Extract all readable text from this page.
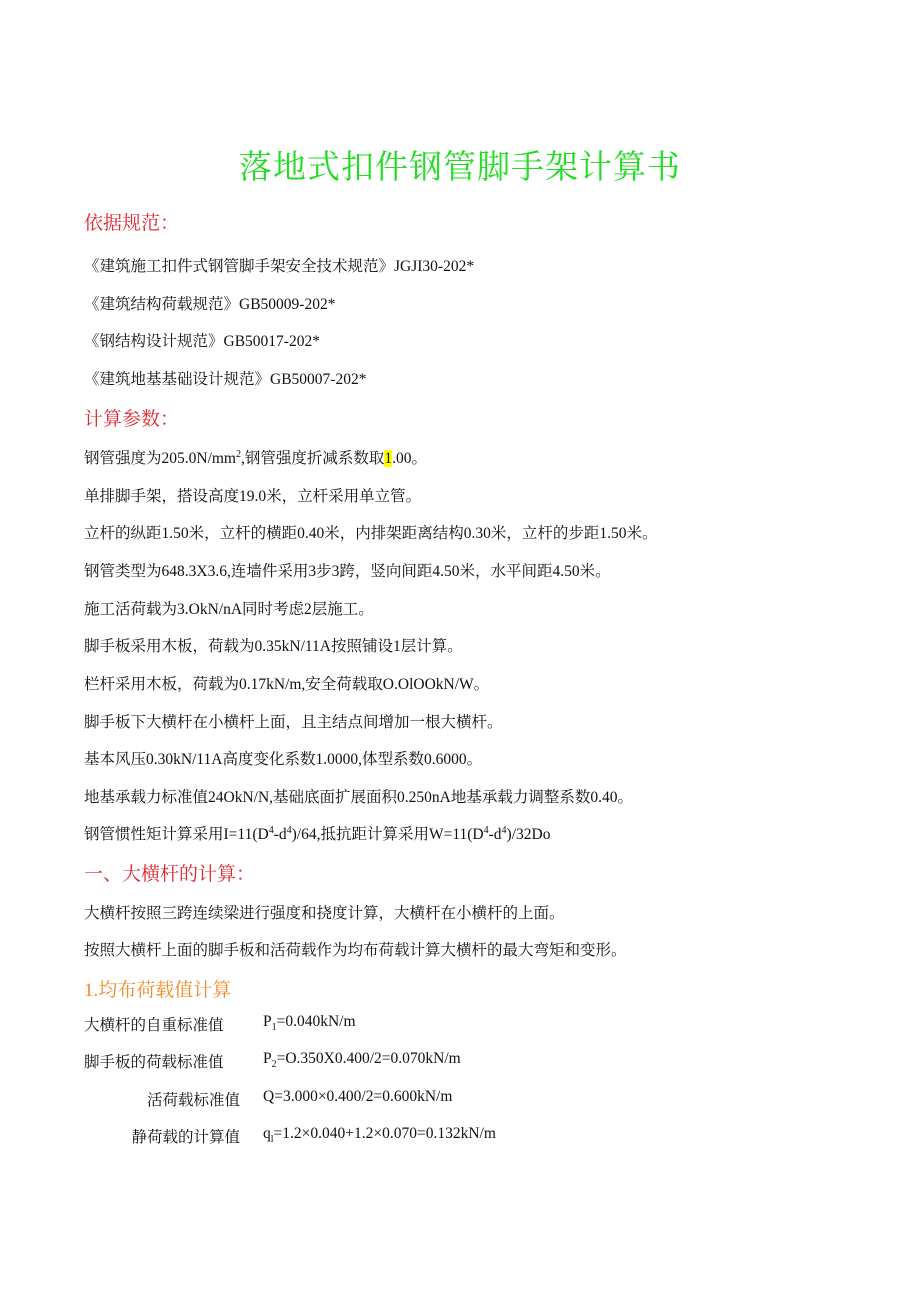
落地式扣件钢管脚手架计算书
依据规范：
《建筑施工扣件式钢管脚手架安全技术规范》JGJI30-202*
《建筑结构荷载规范》GB50009-202*
《钢结构设计规范》GB50017-202*
《建筑地基基础设计规范》GB50007-202*
计算参数：
钢管强度为$205.0N/mm^2$,钢管强度折减系数取1.00。
单排脚手架，搭设高度19.0米，立杆采用单立管。
立杆的纵距1.50米，立杆的横距0.40米，内排架距离结构0.30米，立杆的步距1.50米。
钢管类型为648.3X3.6,连墙件采用3步3跨，竖向间距4.50米，水平间距4.50米。
施工活荷载为3.OkN/nA同时考虑2层施工。
脚手板采用木板，荷载为0.35kN/11A按照铺设1层计算。
栏杆采用木板，荷载为0.17kN/m,安全荷载取O.OlOOkN/W。
脚手板下大横杆在小横杆上面，且主结点间增加一根大横杆。
基本风压0.30kN/11A高度变化系数1.0000,体型系数0.6000。
地基承载力标准值24OkN/N,基础底面扩展面积0.250nA地基承载力调整系数0.40。
钢管惯性矩计算采用$I=11(D^4-d^4)/64$,抵抗距计算采用$W=11(D^4-d^4)/32Do$
一、大横杆的计算：
大横杆按照三跨连续梁进行强度和挠度计算，大横杆在小横杆的上面。
按照大横杆上面的脚手板和活荷载作为均布荷载计算大横杆的最大弯矩和变形。
1.均布荷载值计算
大横杆的自重标准值	$P_1=0.040kN/m$
脚手板的荷载标准值	$P_2=O.350X0.400/2=0.070kN/m$
活荷载标准值 Q=3.000×0.400/2=0.600kN/m
静荷载的计算值 $q_l=1.2\times 0.040+1.2\times 0.070=0.132kN/m$
